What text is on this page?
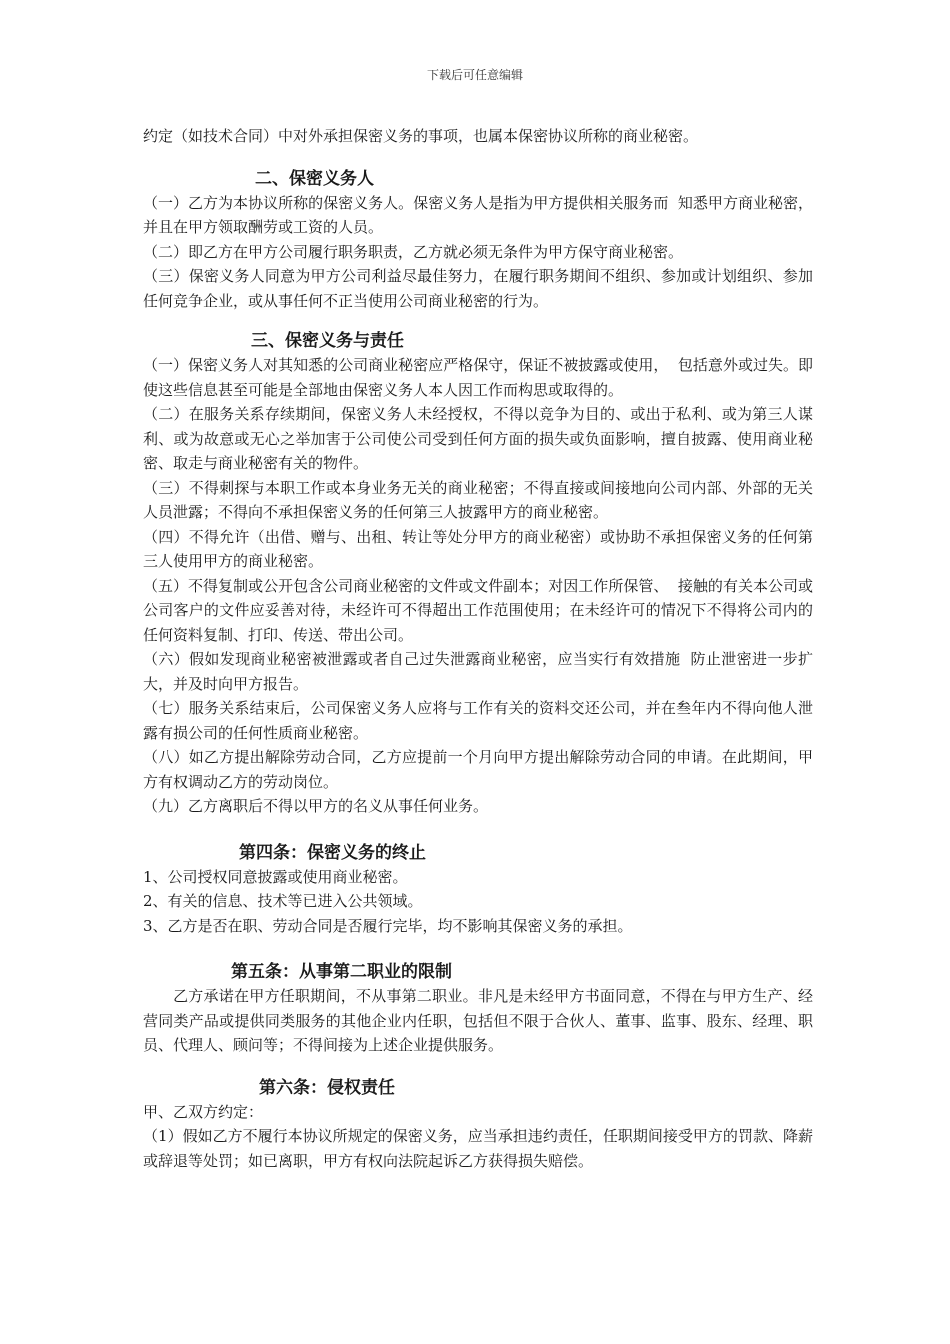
下载后可任意编辑

约定（如技术合同）中对外承担保密义务的事项，也属本保密协议所称的商业秘密。

二、保密义务人

（一）乙方为本协议所称的保密义务人。保密义务人是指为甲方提供相关服务而  知悉甲方商业秘密，并且在甲方领取酬劳或工资的人员。

（二）即乙方在甲方公司履行职务职责，乙方就必须无条件为甲方保守商业秘密。

（三）保密义务人同意为甲方公司利益尽最佳努力，在履行职务期间不组织、参加或计划组织、参加任何竞争企业，或从事任何不正当使用公司商业秘密的行为。

三、保密义务与责任

（一）保密义务人对其知悉的公司商业秘密应严格保守，保证不被披露或使用，  包括意外或过失。即使这些信息甚至可能是全部地由保密义务人本人因工作而构思或取得的。

（二）在服务关系存续期间，保密义务人未经授权，不得以竞争为目的、或出于私利、或为第三人谋利、或为故意或无心之举加害于公司使公司受到任何方面的损失或负面影响，擅自披露、使用商业秘密、取走与商业秘密有关的物件。

（三）不得刺探与本职工作或本身业务无关的商业秘密；不得直接或间接地向公司内部、外部的无关人员泄露；不得向不承担保密义务的任何第三人披露甲方的商业秘密。

（四）不得允许（出借、赠与、出租、转让等处分甲方的商业秘密）或协助不承担保密义务的任何第三人使用甲方的商业秘密。

（五）不得复制或公开包含公司商业秘密的文件或文件副本；对因工作所保管、  接触的有关本公司或公司客户的文件应妥善对待，未经许可不得超出工作范围使用；在未经许可的情况下不得将公司内的任何资料复制、打印、传送、带出公司。

（六）假如发现商业秘密被泄露或者自己过失泄露商业秘密，应当实行有效措施  防止泄密进一步扩大，并及时向甲方报告。

（七）服务关系结束后，公司保密义务人应将与工作有关的资料交还公司，并在叁年内不得向他人泄露有损公司的任何性质商业秘密。

（八）如乙方提出解除劳动合同，乙方应提前一个月向甲方提出解除劳动合同的申请。在此期间，甲方有权调动乙方的劳动岗位。

（九）乙方离职后不得以甲方的名义从事任何业务。

第四条：保密义务的终止

1、公司授权同意披露或使用商业秘密。

2、有关的信息、技术等已进入公共领域。

3、乙方是否在职、劳动合同是否履行完毕，均不影响其保密义务的承担。

第五条：从事第二职业的限制

乙方承诺在甲方任职期间，不从事第二职业。非凡是未经甲方书面同意，不得在与甲方生产、经营同类产品或提供同类服务的其他企业内任职，包括但不限于合伙人、董事、监事、股东、经理、职员、代理人、顾问等；不得间接为上述企业提供服务。

第六条：侵权责任

甲、乙双方约定：

（1）假如乙方不履行本协议所规定的保密义务，应当承担违约责任，任职期间接受甲方的罚款、降薪或辞退等处罚；如已离职，甲方有权向法院起诉乙方获得损失赔偿。
